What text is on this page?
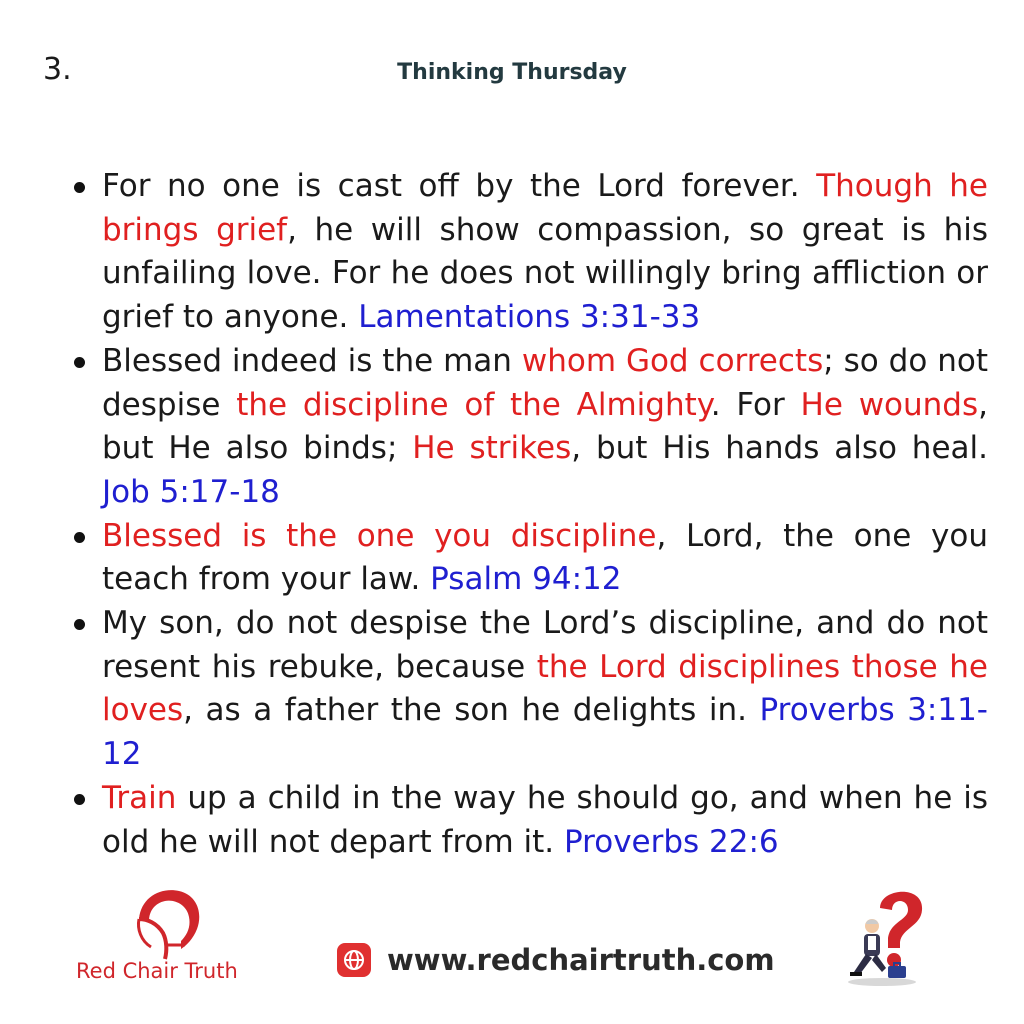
3.	Thinking Thursday
For no one is cast off by the Lord forever. Though he brings grief, he will show compassion, so great is his unfailing love. For he does not willingly bring affliction or grief to anyone. Lamentations 3:31-33
Blessed indeed is the man whom God corrects; so do not despise the discipline of the Almighty. For He wounds, but He also binds; He strikes, but His hands also heal. Job 5:17-18
Blessed is the one you discipline, Lord, the one you teach from your law. Psalm 94:12
My son, do not despise the Lord’s discipline, and do not resent his rebuke, because the Lord disciplines those he loves, as a father the son he delights in. Proverbs 3:11-12
Train up a child in the way he should go, and when he is old he will not depart from it. Proverbs 22:6
Red Chair Truth	www.redchairtruth.com
